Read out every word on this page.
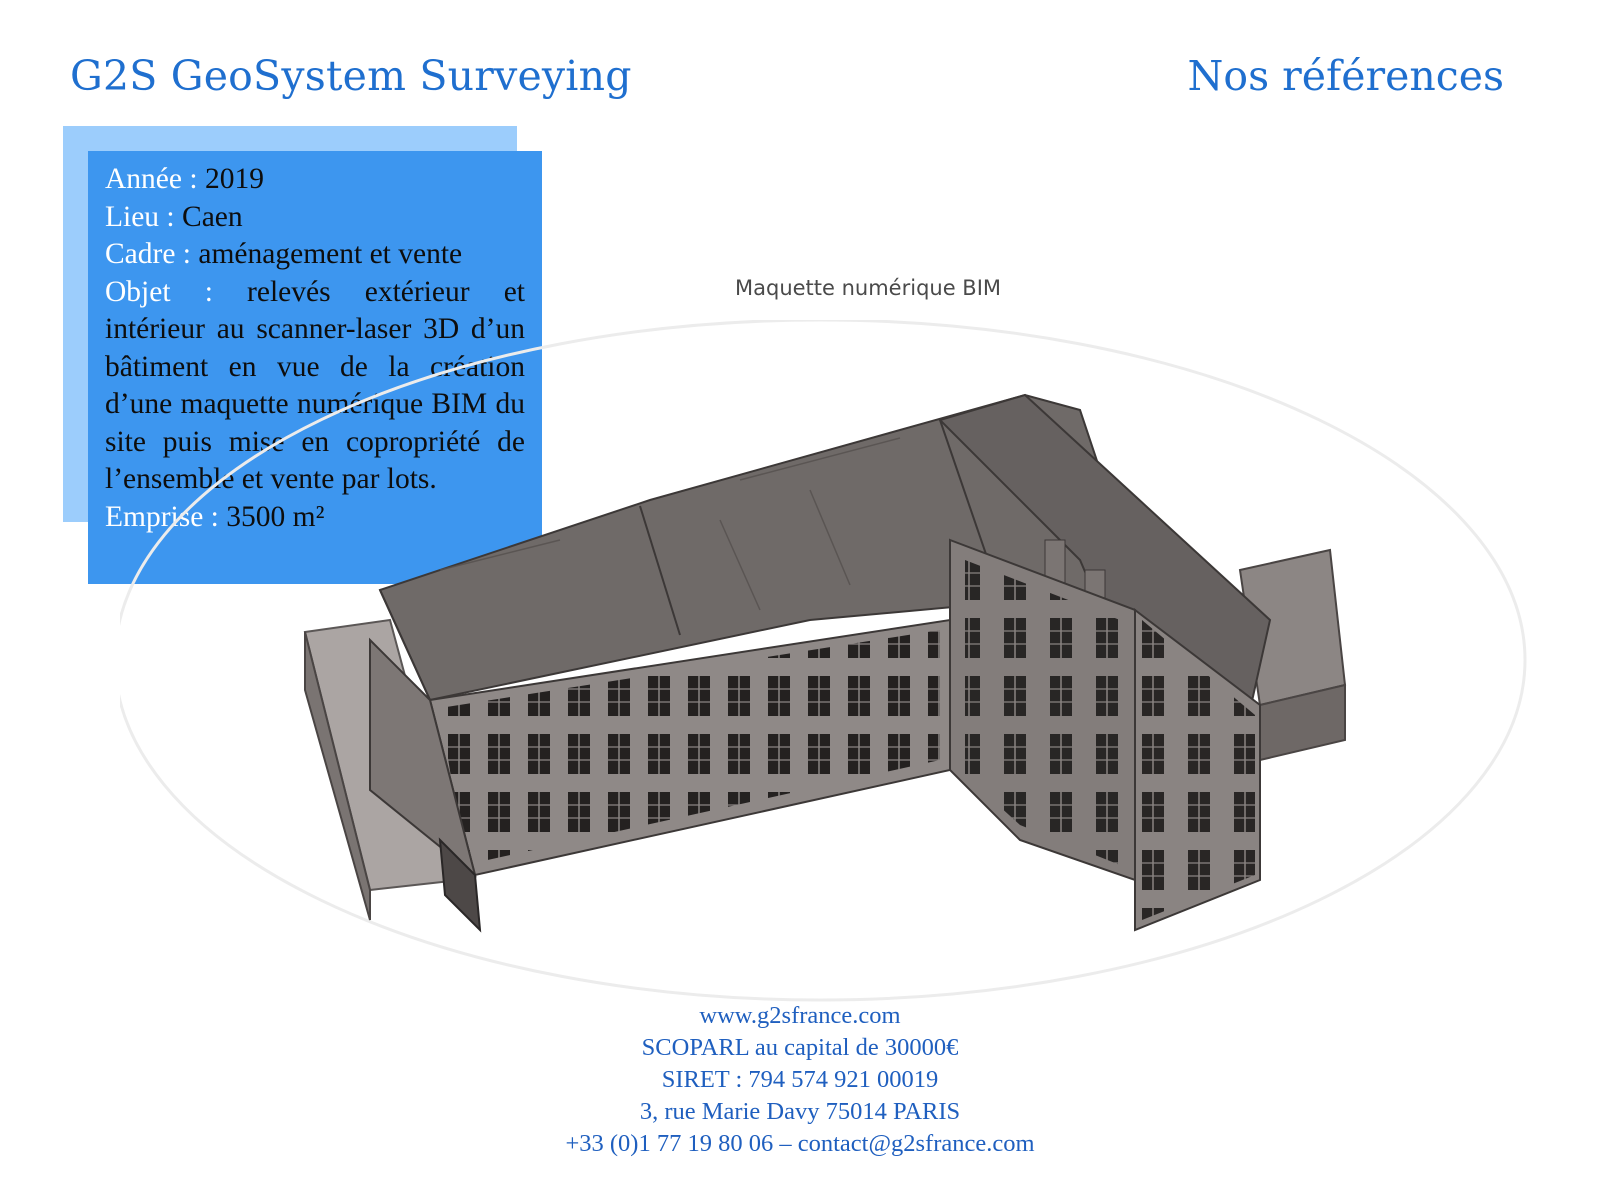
G2S GeoSystem Surveying	Nos références

Année : 2019

Lieu : Caen

Cadre : aménagement et vente

Objet : relevés extérieur et intérieur au scanner-laser 3D d’un bâtiment en vue de la création d’une maquette numérique BIM du site puis mise en copropriété de l’ensemble et vente par lots.

Emprise : 3500 m²

Maquette numérique BIM
www.g2sfrance.com
SCOPARL au capital de 30000€
SIRET : 794 574 921 00019
3, rue Marie Davy 75014 PARIS
+33 (0)1 77 19 80 06 – contact@g2sfrance.com
